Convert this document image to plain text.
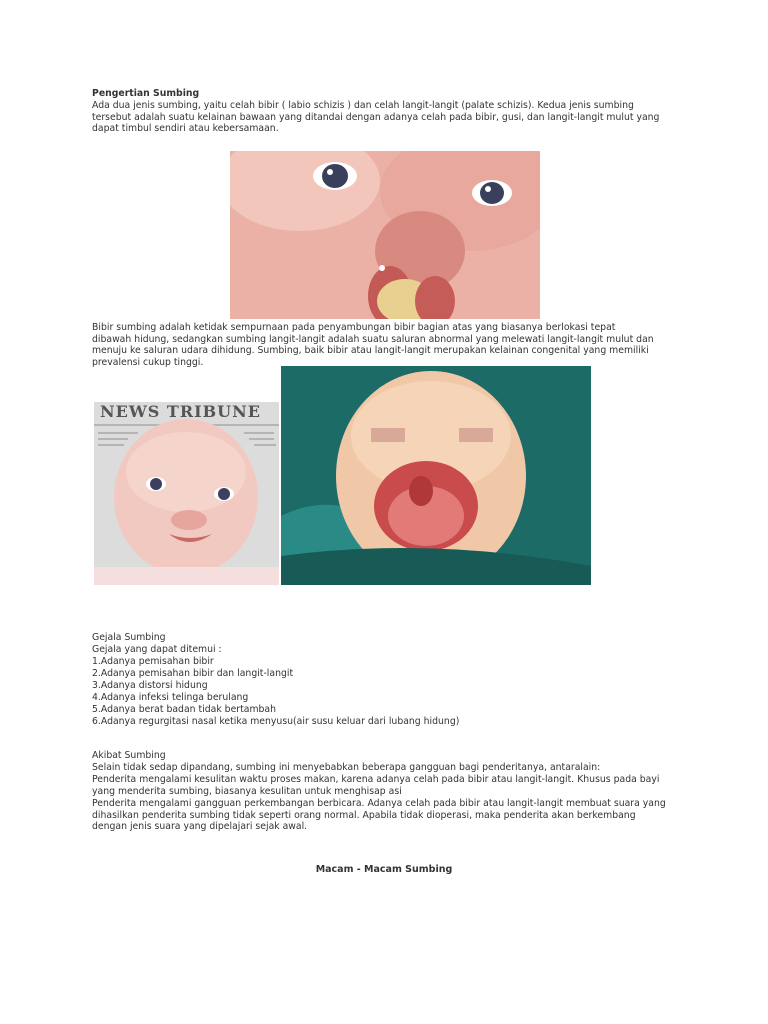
Pengertian Sumbing
Ada dua jenis sumbing, yaitu celah bibir ( labio schizis ) dan celah langit-langit (palate schizis). Kedua jenis sumbing tersebut adalah suatu kelainan bawaan yang ditandai dengan adanya celah pada bibir, gusi, dan langit-langit mulut yang dapat timbul sendiri atau kebersamaan.
Bibir sumbing adalah ketidak sempurnaan pada penyambungan bibir bagian atas yang biasanya berlokasi tepat dibawah hidung, sedangkan sumbing langit-langit adalah suatu saluran abnormal yang melewati langit-langit mulut dan menuju ke saluran udara dihidung. Sumbing, baik bibir atau langit-langit merupakan kelainan congenital yang memiliki prevalensi cukup tinggi.
NEWS TRIBUNE
Gejala Sumbing
Gejala yang dapat ditemui :
1.Adanya pemisahan bibir
2.Adanya pemisahan bibir dan langit-langit
3.Adanya distorsi hidung
4.Adanya infeksi telinga berulang
5.Adanya berat badan tidak bertambah
6.Adanya regurgitasi nasal ketika menyusu(air susu keluar dari lubang hidung)
Akibat Sumbing
Selain tidak sedap dipandang, sumbing ini menyebabkan beberapa gangguan bagi penderitanya, antaralain:
Penderita mengalami kesulitan waktu proses makan, karena adanya celah pada bibir atau langit-langit. Khusus pada bayi yang menderita sumbing, biasanya kesulitan untuk menghisap asi
Penderita mengalami gangguan perkembangan berbicara. Adanya celah pada bibir atau langit-langit membuat suara yang dihasilkan penderita sumbing tidak seperti orang normal. Apabila tidak dioperasi, maka penderita akan berkembang dengan jenis suara yang dipelajari sejak awal.
Macam - Macam Sumbing
